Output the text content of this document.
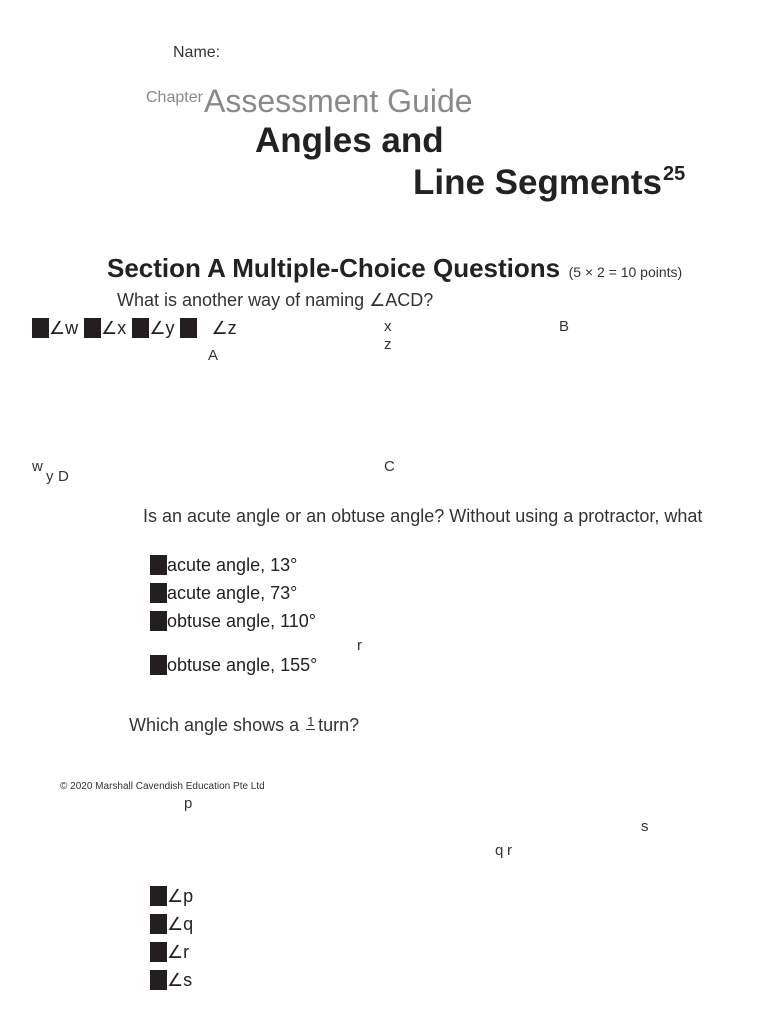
Name:
Chapter Assessment Guide
Angles and
Line Segments 25
Section A Multiple-Choice Questions (5 × 2 = 10 points)
What is another way of naming ∠ACD?
∠w ∠x ∠y ∠z	x
z
B
A
w
y D
C
Is an acute angle or an obtuse angle? Without using a protractor, what
acute angle, 13°
acute angle, 73°
obtuse angle, 110°
r
obtuse angle, 155°
Which angle shows a 1 turn?
© 2020 Marshall Cavendish Education Pte Ltd
p
s
q r
∠p
∠q
∠r
∠s
